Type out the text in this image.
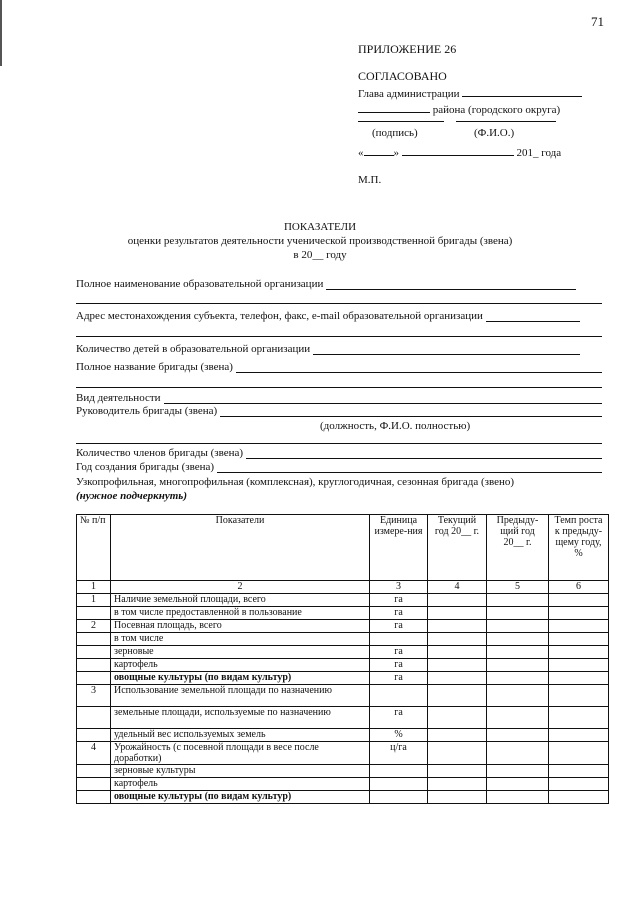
71
ПРИЛОЖЕНИЕ 26
СОГЛАСОВАНО
Глава администрации
района (городского округа)
(подпись)	(Ф.И.О.)
«	»	201_ года
М.П.
ПОКАЗАТЕЛИ
оценки результатов деятельности ученической производственной бригады (звена)
в 20__ году
Полное наименование образовательной организации
Адрес местонахождения субъекта, телефон, факс, e-mail образовательной организации
Количество детей в образовательной организации
Полное название бригады (звена)
Вид деятельности
Руководитель бригады (звена)
(должность, Ф.И.О. полностью)
Количество членов бригады (звена)
Год создания бригады (звена)
Узкопрофильная, многопрофильная (комплексная), круглогодичная, сезонная бригада (звено)
(нужное подчеркнуть)
№ п/п	Показатели	Единица измере-ния	Текущий год 20__ г.	Предыду-щий год 20__ г.	Темп роста к предыду-щему году, %
1	2	3	4	5	6
1	Наличие земельной площади, всего	га			
	в том числе предоставленной в пользование	га			
2	Посевная площадь, всего	га			
	в том числе				
	зерновые	га			
	картофель	га			
	овощные культуры (по видам культур)	га			
3	Использование земельной площади по назначению				
	земельные площади, используемые по назначению	га			
	удельный вес используемых земель	%			
4	Урожайность (с посевной площади в весе после доработки)	ц/га			
	зерновые культуры				
	картофель				
	овощные культуры (по видам культур)				
